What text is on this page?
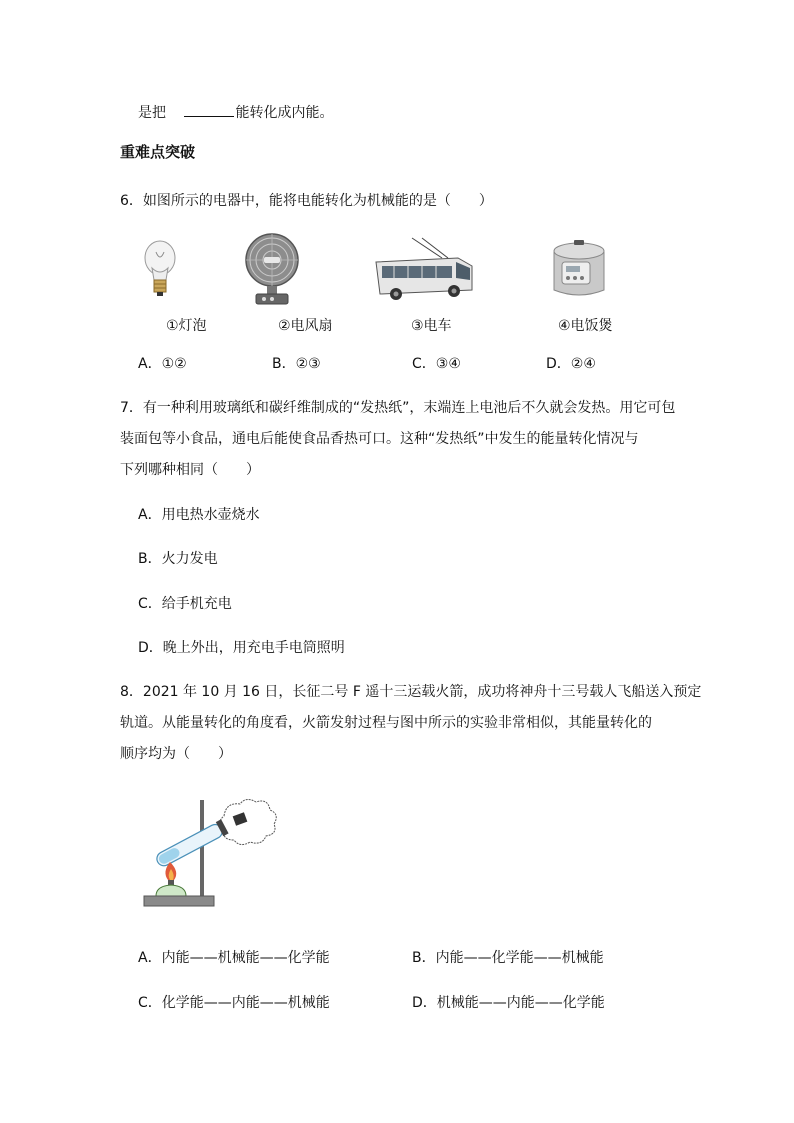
是把	能转化成内能。
重难点突破
6．如图所示的电器中，能将电能转化为机械能的是（　　）
①灯泡	②电风扇	③电车	④电饭煲
A．①②	B．②③	C．③④	D．②④
7．有一种利用玻璃纸和碳纤维制成的“发热纸”，末端连上电池后不久就会发热。用它可包
装面包等小食品，通电后能使食品香热可口。这种“发热纸”中发生的能量转化情况与
下列哪种相同（　　）
A．用电热水壶烧水
B．火力发电
C．给手机充电
D．晚上外出，用充电手电筒照明
8．2021 年 10 月 16 日，长征二号 F 遥十三运载火箭，成功将神舟十三号载人飞船送入预定
轨道。从能量转化的角度看，火箭发射过程与图中所示的实验非常相似，其能量转化的
顺序均为（　　）
A．内能——机械能——化学能	B．内能——化学能——机械能
C．化学能——内能——机械能	D．机械能——内能——化学能
